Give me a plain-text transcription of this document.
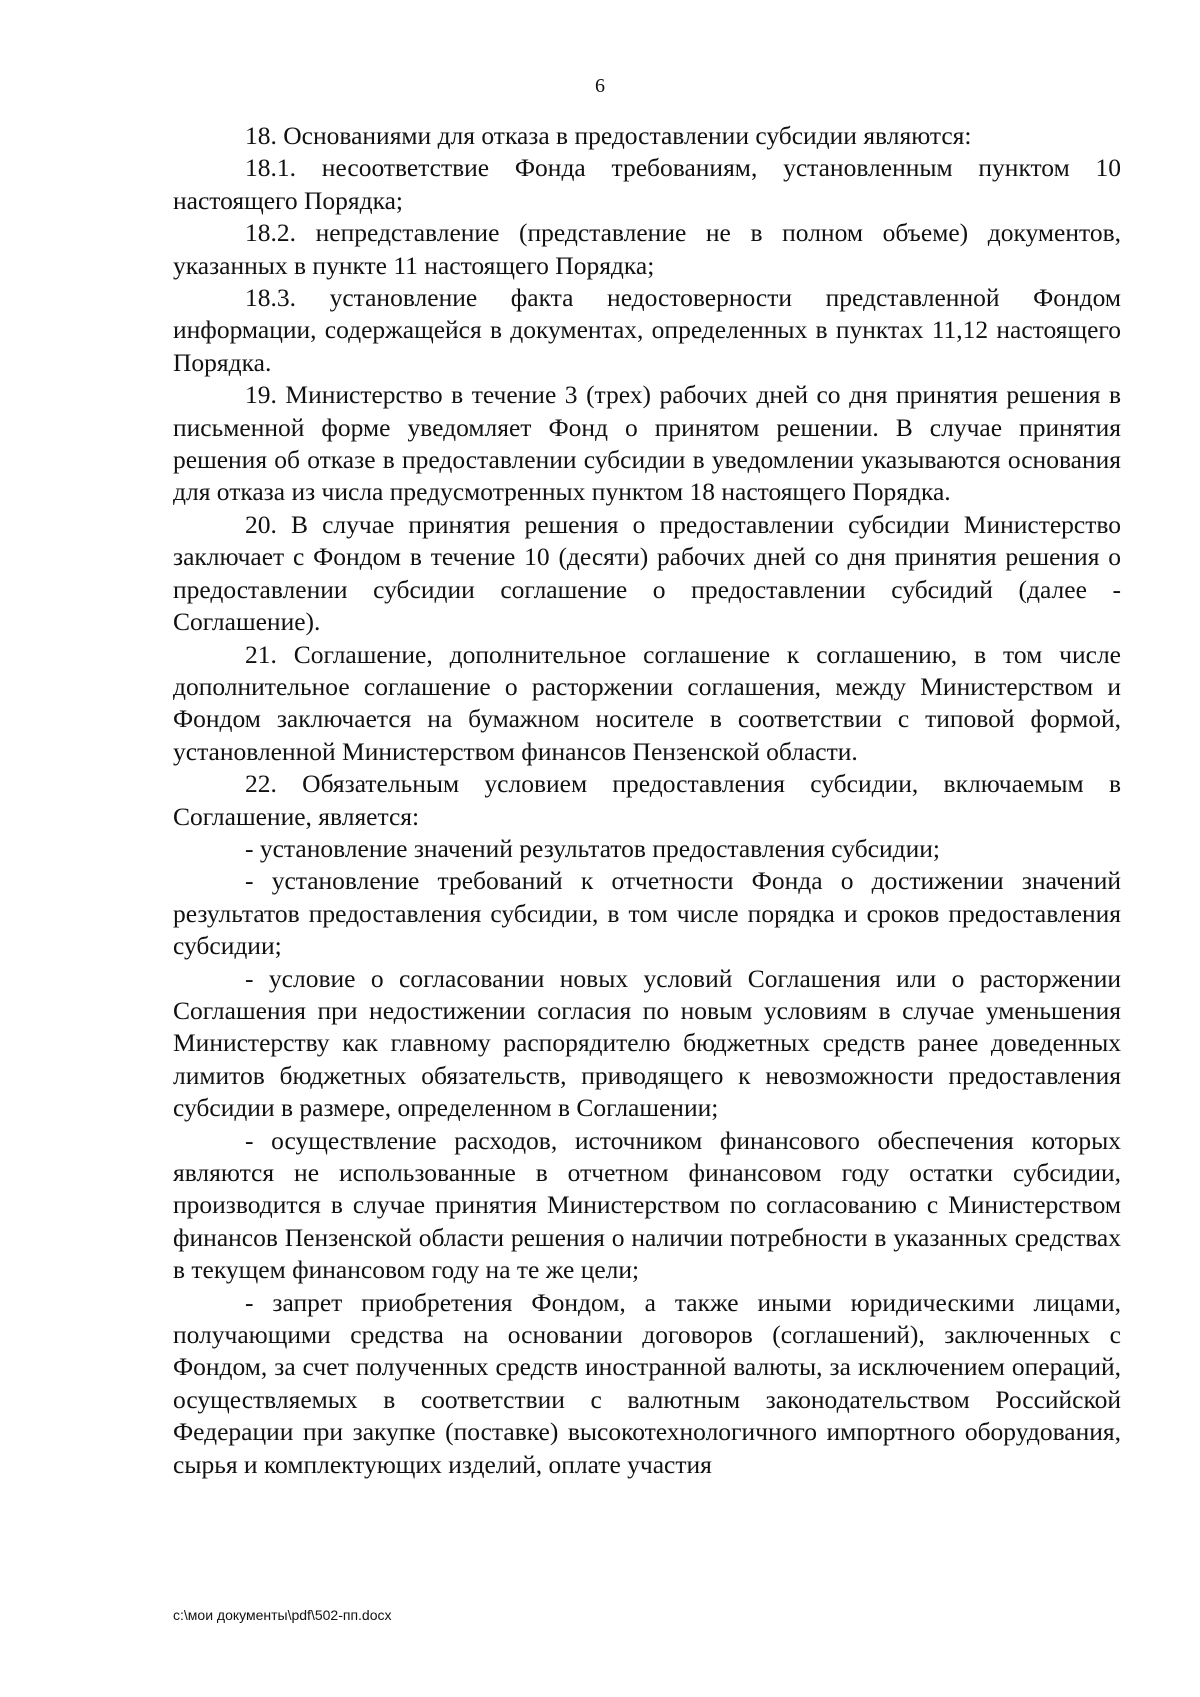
6

18. Основаниями для отказа в предоставлении субсидии являются:

18.1. несоответствие Фонда требованиям, установленным пунктом 10 настоящего Порядка;

18.2. непредставление (представление не в полном объеме) документов, указанных в пункте 11 настоящего Порядка;

18.3. установление факта недостоверности представленной Фондом информации, содержащейся в документах, определенных в пунктах 11,12 настоящего Порядка.

19. Министерство в течение 3 (трех) рабочих дней со дня принятия решения в письменной форме уведомляет Фонд о принятом решении. В случае принятия решения об отказе в предоставлении субсидии в уведомлении указываются основания для отказа из числа предусмотренных пунктом 18 настоящего Порядка.

20. В случае принятия решения о предоставлении субсидии Министерство заключает с Фондом в течение 10 (десяти) рабочих дней со дня принятия решения о предоставлении субсидии соглашение о предоставлении субсидий (далее - Соглашение).

21. Соглашение, дополнительное соглашение к соглашению, в том числе дополнительное соглашение о расторжении соглашения, между Министерством и Фондом заключается на бумажном носителе в соответствии с типовой формой, установленной Министерством финансов Пензенской области.

22. Обязательным условием предоставления субсидии, включаемым в Соглашение, является:

- установление значений результатов предоставления субсидии;

- установление требований к отчетности Фонда о достижении значений результатов предоставления субсидии, в том числе порядка и сроков предоставления субсидии;

- условие о согласовании новых условий Соглашения или о расторжении Соглашения при недостижении согласия по новым условиям в случае уменьшения Министерству как главному распорядителю бюджетных средств ранее доведенных лимитов бюджетных обязательств, приводящего к невозможности предоставления субсидии в размере, определенном в Соглашении;

- осуществление расходов, источником финансового обеспечения которых являются не использованные в отчетном финансовом году остатки субсидии, производится в случае принятия Министерством по согласованию с Министерством финансов Пензенской области решения о наличии потребности в указанных средствах в текущем финансовом году на те же цели;

- запрет приобретения Фондом, а также иными юридическими лицами, получающими средства на основании договоров (соглашений), заключенных с Фондом, за счет полученных средств иностранной валюты, за исключением операций, осуществляемых в соответствии с валютным законодательством Российской Федерации при закупке (поставке) высокотехнологичного импортного оборудования, сырья и комплектующих изделий, оплате участия

c:\мои документы\pdf\502-пп.docx
